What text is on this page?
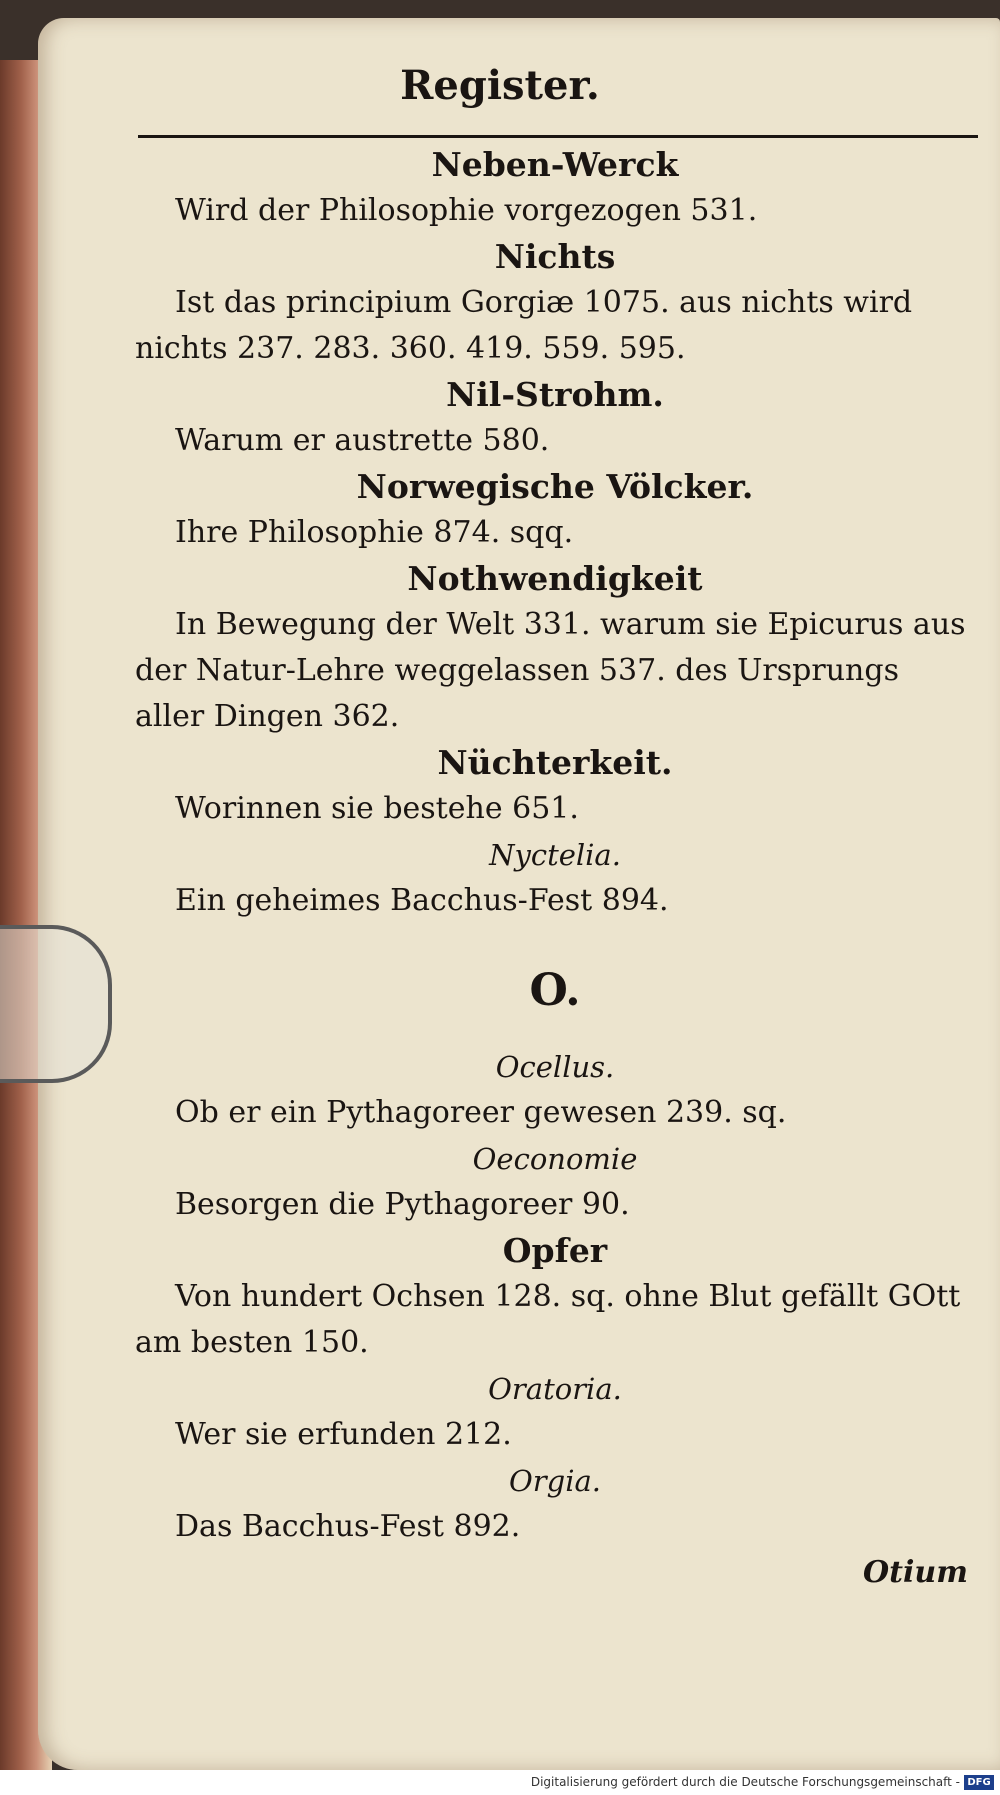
Register.
Neben-Werck
Wird der Philosophie vorgezogen 531.
Nichts
Ist das principium Gorgiæ 1075. aus nichts wird nichts 237. 283. 360. 419. 559. 595.
Nil-Strohm.
Warum er austrette 580.
Norwegische Völcker.
Ihre Philosophie 874. sqq.
Nothwendigkeit
In Bewegung der Welt 331. warum sie Epicurus aus der Natur-Lehre weggelassen 537. des Ursprungs aller Dingen 362.
Nüchterkeit.
Worinnen sie bestehe 651.
Nyctelia.
Ein geheimes Bacchus-Fest 894.
O.
Ocellus.
Ob er ein Pythagoreer gewesen 239. sq.
Oeconomie
Besorgen die Pythagoreer 90.
Opfer
Von hundert Ochsen 128. sq. ohne Blut gefällt GOtt am besten 150.
Oratoria.
Wer sie erfunden 212.
Orgia.
Das Bacchus-Fest 892.
Otium
Digitalisierung gefördert durch die Deutsche Forschungsgemeinschaft - DFG
